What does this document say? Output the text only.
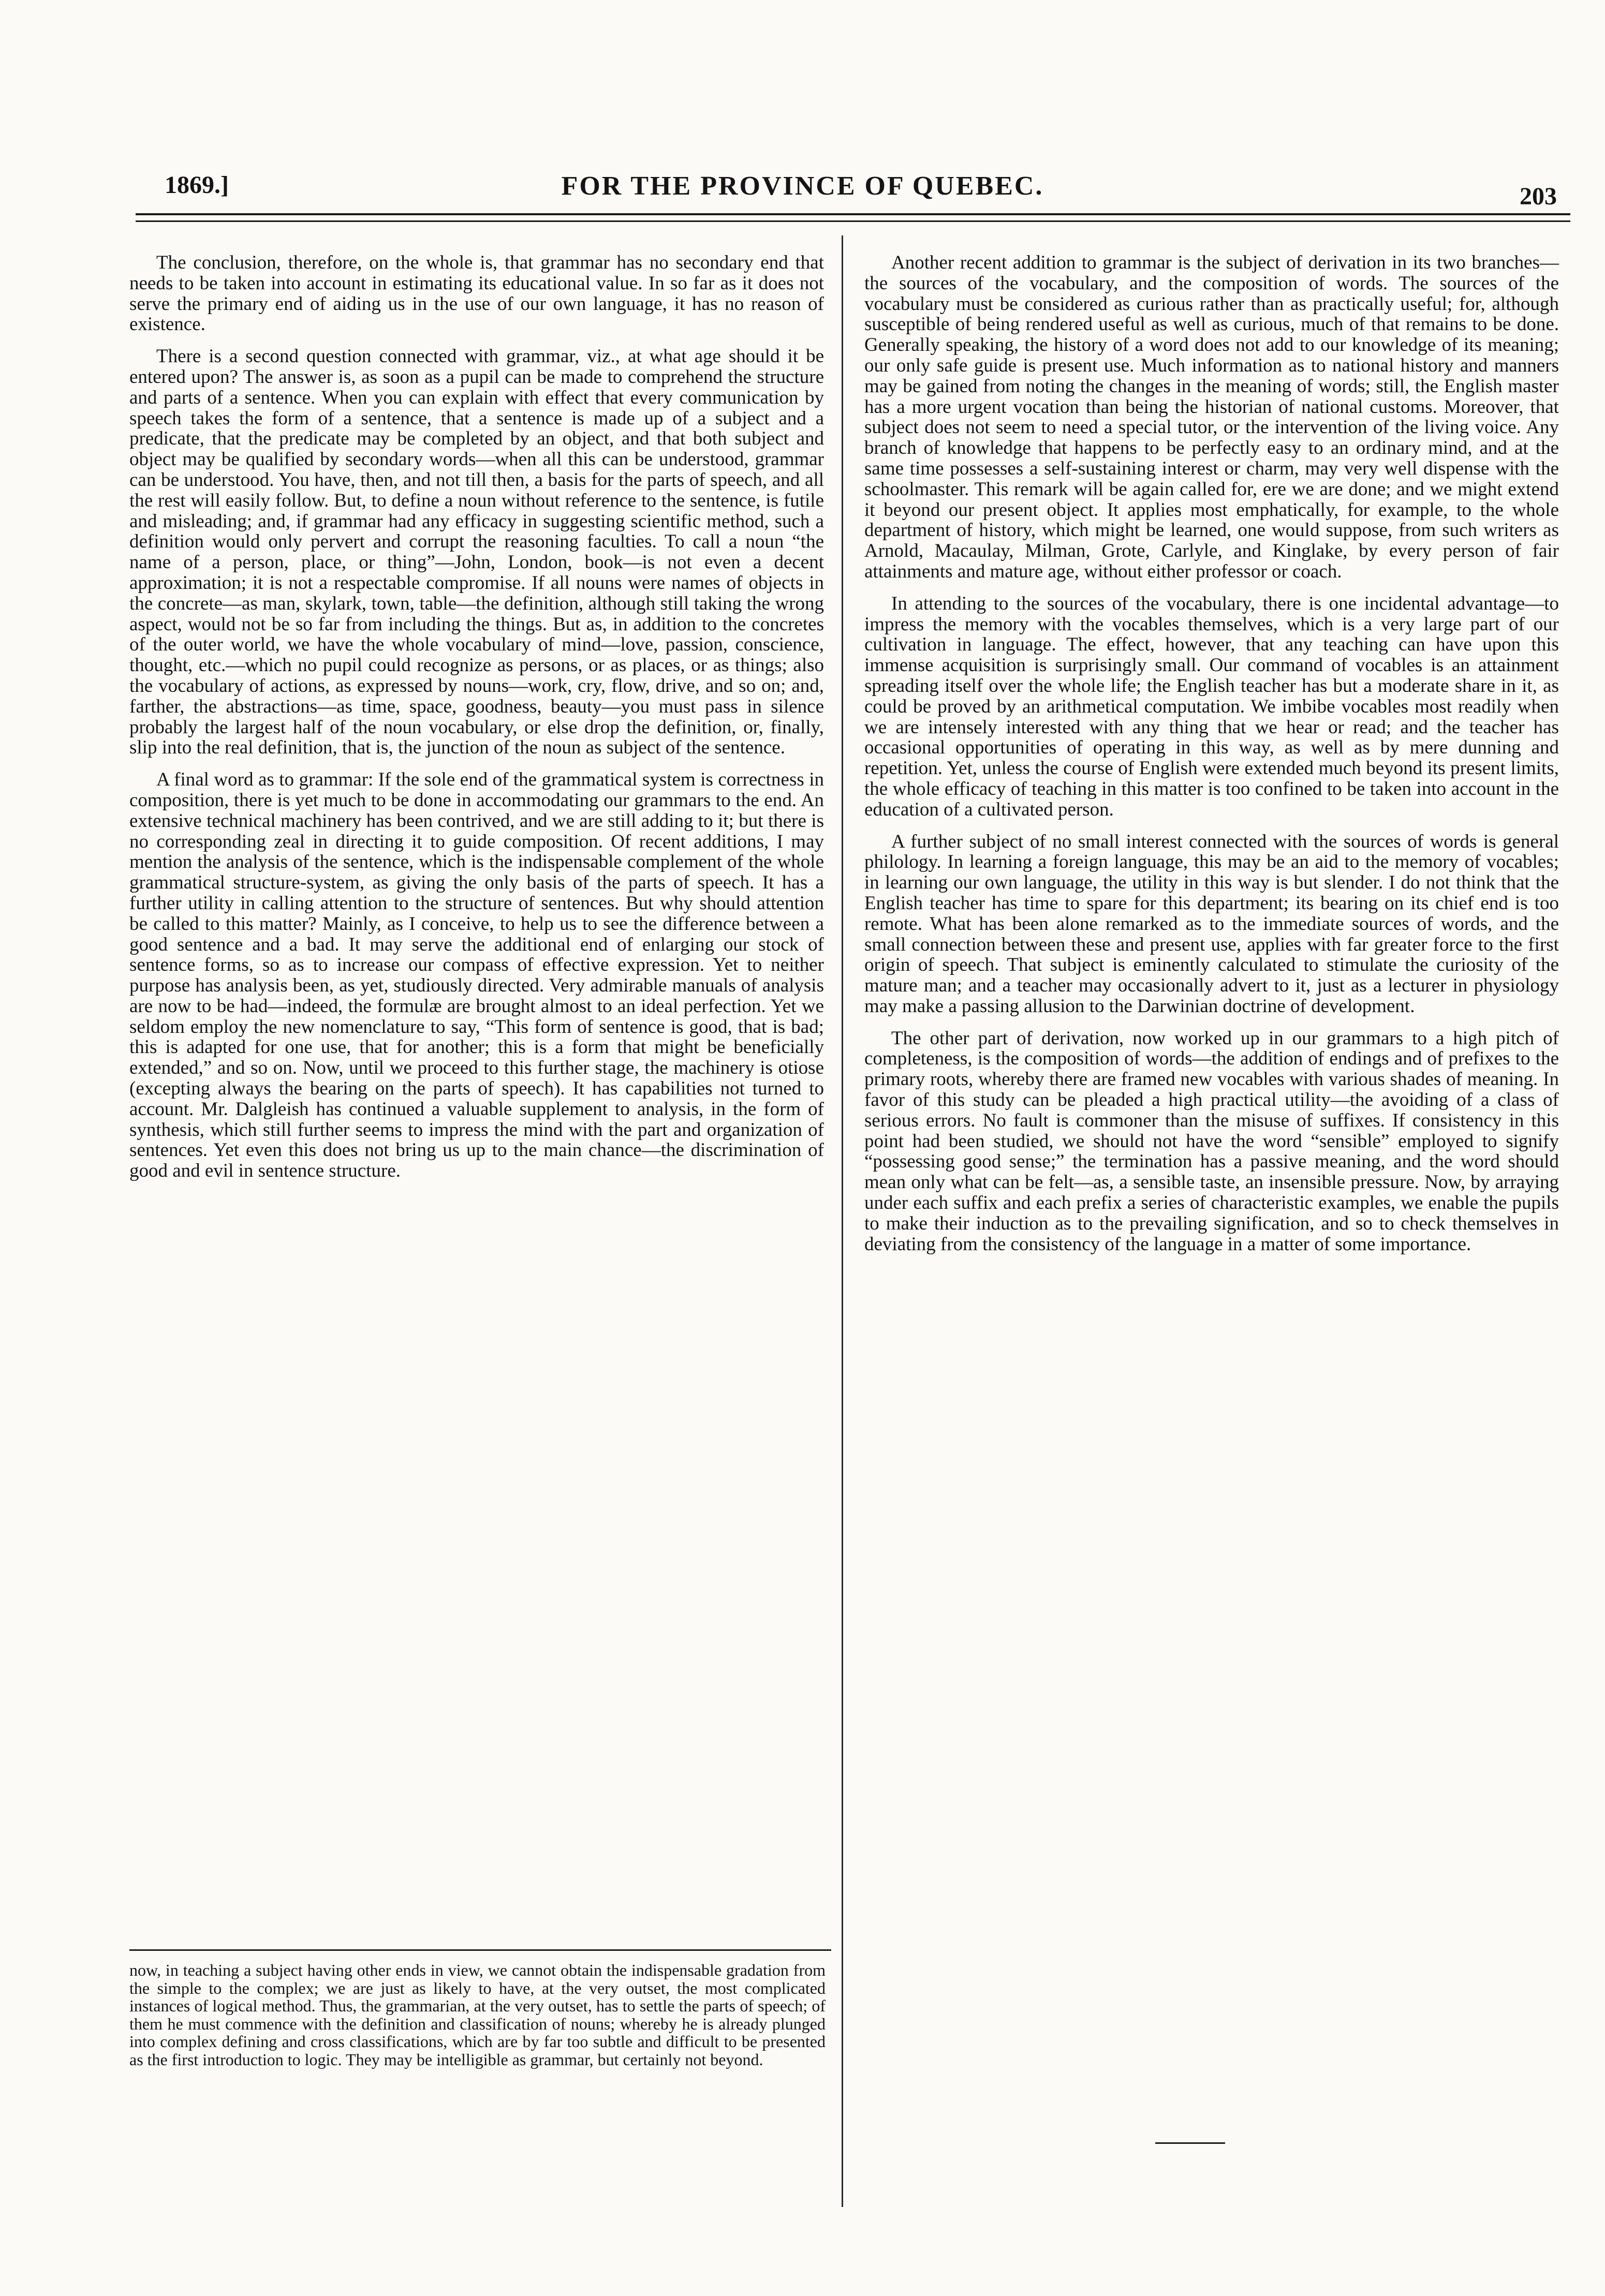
1869.]	FOR THE PROVINCE OF QUEBEC.	203

The conclusion, therefore, on the whole is, that grammar has no secondary end that needs to be taken into account in estimating its educational value. In so far as it does not serve the primary end of aiding us in the use of our own language, it has no reason of existence.

There is a second question connected with grammar, viz., at what age should it be entered upon? The answer is, as soon as a pupil can be made to comprehend the structure and parts of a sentence. When you can explain with effect that every communication by speech takes the form of a sentence, that a sentence is made up of a subject and a predicate, that the predicate may be completed by an object, and that both subject and object may be qualified by secondary words—when all this can be understood, grammar can be understood. You have, then, and not till then, a basis for the parts of speech, and all the rest will easily follow. But, to define a noun without reference to the sentence, is futile and misleading; and, if grammar had any efficacy in suggesting scientific method, such a definition would only pervert and corrupt the reasoning faculties. To call a noun “the name of a person, place, or thing”—John, London, book—is not even a decent approximation; it is not a respectable compromise. If all nouns were names of objects in the concrete—as man, skylark, town, table—the definition, although still taking the wrong aspect, would not be so far from including the things. But as, in addition to the concretes of the outer world, we have the whole vocabulary of mind—love, passion, conscience, thought, etc.—which no pupil could recognize as persons, or as places, or as things; also the vocabulary of actions, as expressed by nouns—work, cry, flow, drive, and so on; and, farther, the abstractions—as time, space, goodness, beauty—you must pass in silence probably the largest half of the noun vocabulary, or else drop the definition, or, finally, slip into the real definition, that is, the junction of the noun as subject of the sentence.

A final word as to grammar: If the sole end of the grammatical system is correctness in composition, there is yet much to be done in accommodating our grammars to the end. An extensive technical machinery has been contrived, and we are still adding to it; but there is no corresponding zeal in directing it to guide composition. Of recent additions, I may mention the analysis of the sentence, which is the indispensable complement of the whole grammatical structure-system, as giving the only basis of the parts of speech. It has a further utility in calling attention to the structure of sentences. But why should attention be called to this matter? Mainly, as I conceive, to help us to see the difference between a good sentence and a bad. It may serve the additional end of enlarging our stock of sentence forms, so as to increase our compass of effective expression. Yet to neither purpose has analysis been, as yet, studiously directed. Very admirable manuals of analysis are now to be had—indeed, the formulæ are brought almost to an ideal perfection. Yet we seldom employ the new nomenclature to say, “This form of sentence is good, that is bad; this is adapted for one use, that for another; this is a form that might be beneficially extended,” and so on. Now, until we proceed to this further stage, the machinery is otiose (excepting always the bearing on the parts of speech). It has capabilities not turned to account. Mr. Dalgleish has continued a valuable supplement to analysis, in the form of synthesis, which still further seems to impress the mind with the part and organization of sentences. Yet even this does not bring us up to the main chance—the discrimination of good and evil in sentence structure.

Another recent addition to grammar is the subject of derivation in its two branches—the sources of the vocabulary, and the composition of words. The sources of the vocabulary must be considered as curious rather than as practically useful; for, although susceptible of being rendered useful as well as curious, much of that remains to be done. Generally speaking, the history of a word does not add to our knowledge of its meaning; our only safe guide is present use. Much information as to national history and manners may be gained from noting the changes in the meaning of words; still, the English master has a more urgent vocation than being the historian of national customs. Moreover, that subject does not seem to need a special tutor, or the intervention of the living voice. Any branch of knowledge that happens to be perfectly easy to an ordinary mind, and at the same time possesses a self-sustaining interest or charm, may very well dispense with the schoolmaster. This remark will be again called for, ere we are done; and we might extend it beyond our present object. It applies most emphatically, for example, to the whole department of history, which might be learned, one would suppose, from such writers as Arnold, Macaulay, Milman, Grote, Carlyle, and Kinglake, by every person of fair attainments and mature age, without either professor or coach.

In attending to the sources of the vocabulary, there is one incidental advantage—to impress the memory with the vocables themselves, which is a very large part of our cultivation in language. The effect, however, that any teaching can have upon this immense acquisition is surprisingly small. Our command of vocables is an attainment spreading itself over the whole life; the English teacher has but a moderate share in it, as could be proved by an arithmetical computation. We imbibe vocables most readily when we are intensely interested with any thing that we hear or read; and the teacher has occasional opportunities of operating in this way, as well as by mere dunning and repetition. Yet, unless the course of English were extended much beyond its present limits, the whole efficacy of teaching in this matter is too confined to be taken into account in the education of a cultivated person.

A further subject of no small interest connected with the sources of words is general philology. In learning a foreign language, this may be an aid to the memory of vocables; in learning our own language, the utility in this way is but slender. I do not think that the English teacher has time to spare for this department; its bearing on its chief end is too remote. What has been alone remarked as to the immediate sources of words, and the small connection between these and present use, applies with far greater force to the first origin of speech. That subject is eminently calculated to stimulate the curiosity of the mature man; and a teacher may occasionally advert to it, just as a lecturer in physiology may make a passing allusion to the Darwinian doctrine of development.

The other part of derivation, now worked up in our grammars to a high pitch of completeness, is the composition of words—the addition of endings and of prefixes to the primary roots, whereby there are framed new vocables with various shades of meaning. In favor of this study can be pleaded a high practical utility—the avoiding of a class of serious errors. No fault is commoner than the misuse of suffixes. If consistency in this point had been studied, we should not have the word “sensible” employed to signify “possessing good sense;” the termination has a passive meaning, and the word should mean only what can be felt—as, a sensible taste, an insensible pressure. Now, by arraying under each suffix and each prefix a series of characteristic examples, we enable the pupils to make their induction as to the prevailing signification, and so to check themselves in deviating from the consistency of the language in a matter of some importance.

now, in teaching a subject having other ends in view, we cannot obtain the indispensable gradation from the simple to the complex; we are just as likely to have, at the very outset, the most complicated instances of logical method. Thus, the grammarian, at the very outset, has to settle the parts of speech; of them he must commence with the definition and classification of nouns; whereby he is already plunged into complex defining and cross classifications, which are by far too subtle and difficult to be presented as the first introduction to logic. They may be intelligible as grammar, but certainly not beyond.
